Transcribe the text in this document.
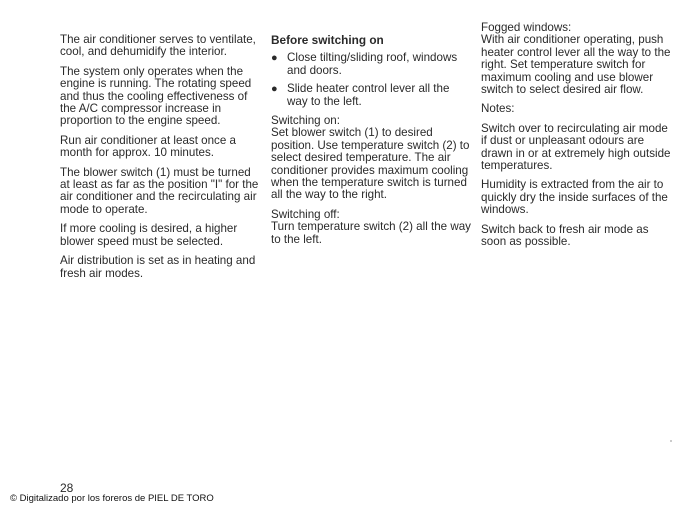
The air conditioner serves to ventilate, cool, and dehumidify the interior.

The system only operates when the engine is running. The rotating speed and thus the cooling effectiveness of the A/C compressor increase in proportion to the engine speed.

Run air conditioner at least once a month for approx. 10 minutes.

The blower switch (1) must be turned at least as far as the position "I" for the air conditioner and the recirculating air mode to operate.

If more cooling is desired, a higher blower speed must be selected.

Air distribution is set as in heating and fresh air modes.

Before switching on

● Close tilting/sliding roof, windows and doors.
● Slide heater control lever all the way to the left.

Switching on:

Set blower switch (1) to desired position. Use temperature switch (2) to select desired temperature. The air conditioner provides maximum cooling when the temperature switch is turned all the way to the right.

Switching off:

Turn temperature switch (2) all the way to the left.

Fogged windows:

With air conditioner operating, push heater control lever all the way to the right. Set temperature switch for maximum cooling and use blower switch to select desired air flow.

Notes:

Switch over to recirculating air mode if dust or unpleasant odours are drawn in or at extremely high outside temperatures.

Humidity is extracted from the air to quickly dry the inside surfaces of the windows.

Switch back to fresh air mode as soon as possible.

28
© Digitalizado por los foreros de PIEL DE TORO
